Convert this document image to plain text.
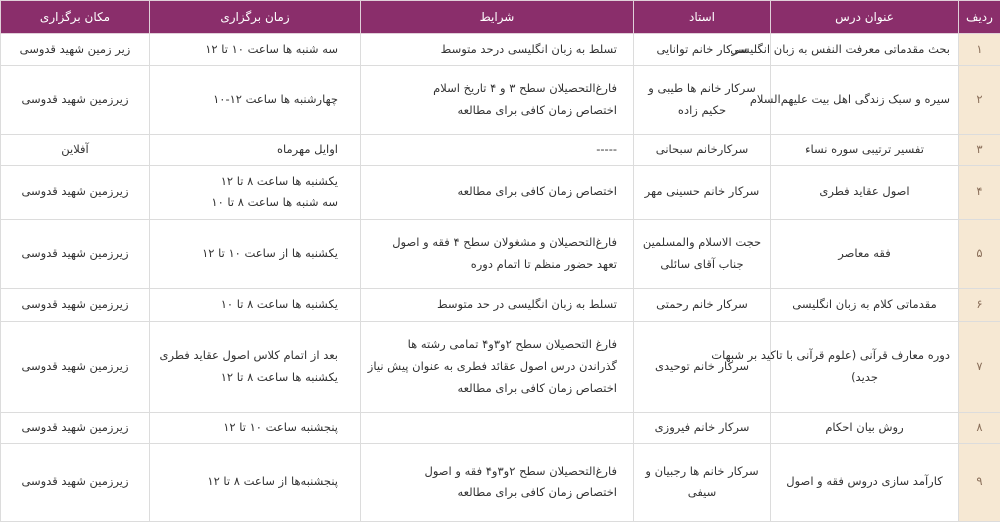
ردیف	عنوان درس	استاد	شرایط	زمان برگزاری	مکان برگزاری
۱	بحث مقدماتی معرفت النفس به زبان انگلیسی	سرکار خانم توانایی	تسلط به زبان انگلیسی درحد متوسط	سه شنبه ها ساعت ۱۰ تا ۱۲	زیر زمین شهید قدوسی

۲	سیره و سبک زندگی اهل بیت علیهم‌السلام	سرکار خانم ها طیبی و
حکیم زاده	فارغ‌التحصیلان سطح ۳ و ۴ تاریخ اسلام
اختصاص زمان کافی برای مطالعه	چهارشنبه ها ساعت ۱۲-۱۰	زیرزمین شهید قدوسی

۳	تفسیر ترتیبی سوره نساء	سرکارخانم سبحانی	-----	اوایل مهرماه	آفلاین

۴	اصول عقاید فطری	سرکار خانم حسینی مهر	اختصاص زمان کافی برای مطالعه	یکشنبه ها ساعت ۸ تا ۱۲
سه شنبه ها ساعت ۸ تا ۱۰	زیرزمین شهید قدوسی

۵	فقه معاصر	حجت الاسلام والمسلمین
جناب آقای سائلی	فارغ‌التحصیلان و مشغولان سطح ۴ فقه و اصول
تعهد حضور منظم تا اتمام دوره	یکشنبه ها از ساعت ۱۰ تا ۱۲	زیرزمین شهید قدوسی

۶	مقدماتی کلام به زبان انگلیسی	سرکار خانم رحمتی	تسلط به زبان انگلیسی در حد متوسط	یکشنبه ها ساعت ۸ تا ۱۰	زیرزمین شهید قدوسی

۷	دوره معارف قرآنی (علوم قرآنی با تاکید بر شبهات
جدید)	سرکار خانم توحیدی	فارغ التحصیلان سطح ۲و۳و۴ تمامی رشته ها
گذراندن درس اصول عقائد فطری به عنوان پیش نیاز
اختصاص زمان کافی برای مطالعه	بعد از اتمام کلاس اصول عقاید فطری
یکشنبه ها ساعت ۸ تا ۱۲	زیرزمین شهید قدوسی

۸	روش بیان احکام	سرکار خانم فیروزی		پنجشنبه ساعت ۱۰ تا ۱۲	زیرزمین شهید قدوسی

۹	کارآمد سازی دروس فقه و اصول	سرکار خانم ها رجبیان و
سیفی	فارغ‌التحصیلان سطح ۲و۳و۴ فقه و اصول
اختصاص زمان کافی برای مطالعه	پنجشنبه‌ها از ساعت ۸ تا ۱۲	زیرزمین شهید قدوسی
